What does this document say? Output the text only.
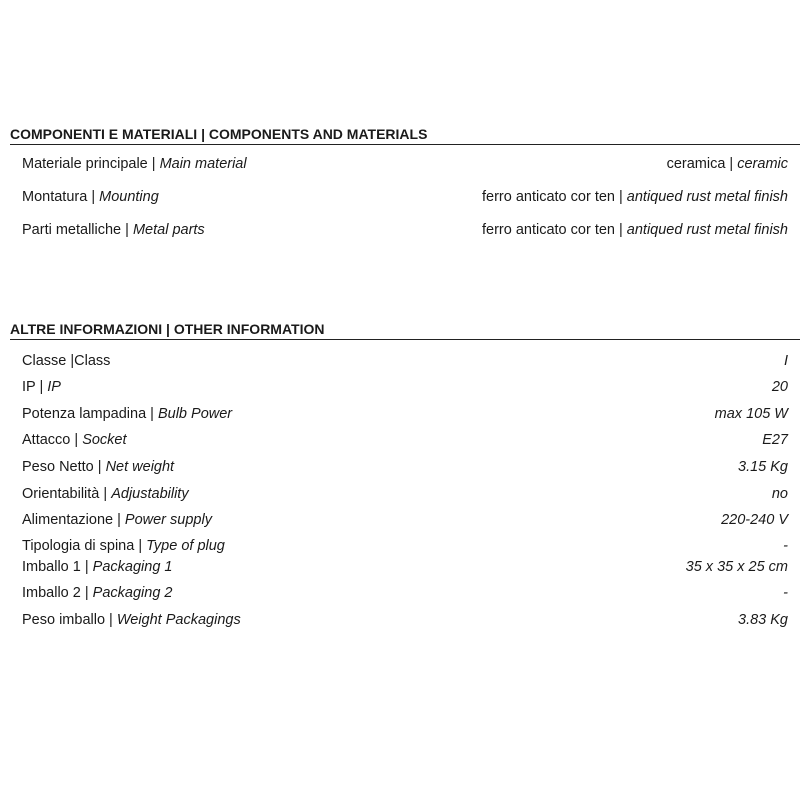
COMPONENTI E MATERIALI | COMPONENTS AND MATERIALS
Materiale principale | Main material	ceramica | ceramic
Montatura | Mounting	ferro anticato cor ten | antiqued rust metal finish
Parti metalliche | Metal parts	ferro anticato cor ten | antiqued rust metal finish
ALTRE INFORMAZIONI | OTHER INFORMATION
Classe |Class	I
IP | IP	20
Potenza lampadina | Bulb Power	max 105 W
Attacco | Socket	E27
Peso Netto | Net weight	3.15 Kg
Orientabilità | Adjustability	no
Alimentazione | Power supply	220-240 V
Tipologia di spina | Type of plug	-
Imballo 1 | Packaging 1	35 x 35 x 25 cm
Imballo 2 | Packaging 2	-
Peso imballo | Weight Packagings	3.83 Kg
